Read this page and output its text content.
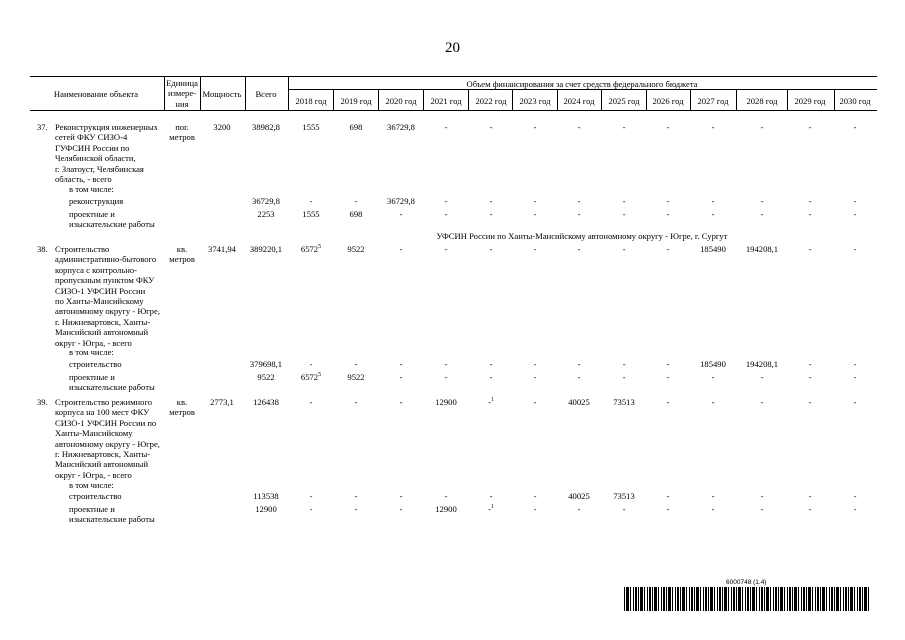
20
Наименование объекта
Единица
измере-
ния
Мощность	Всего
Объем финансирования за счет средств федерального бюджета
2018 год	2019 год	2020 год	2021 год	2022 год	2023 год	2024 год	2025 год	2026 год	2027 год	2028 год	2029 год	2030 год
37. Реконструкция инженерных
сетей ФКУ СИЗО-4
ГУФСИН России по
Челябинской области,
г. Златоуст, Челябинская
область, - всего
пог.
метров
3200	38982,8	1555	698	36729,8	-	-	-	-	-	-	-	-	-	-
в том числе:
реконструкция	36729,8	-	-	36729,8	-	-	-	-	-	-	-	-	-	-
проектные и
изыскательские работы
2253	1555	698	-	-	-	-	-	-	-	-	-	-	-
УФСИН России по Ханты-Мансийскому автономному округу - Югре, г. Сургут
38. Строительство
административно-бытового
корпуса с контрольно-
пропускным пунктом ФКУ
СИЗО-1 УФСИН России
по Ханты-Мансийскому
автономному округу - Югре,
г. Нижневартовск, Ханты-
Мансийский автономный
округ - Югра, - всего
кв.
метров
3741,94	389220,1	6572$^5$	9522	-	-	-	-	-	-	-	185490	194208,1	-	-
в том числе:
строительство	379698,1	-	-	-	-	-	-	-	-	-	185490	194208,1	-	-
проектные и
изыскательские работы
9522	6572$^5$	9522	-	-	-	-	-	-	-	-	-	-	-
39. Строительство режимного
корпуса на 100 мест ФКУ
СИЗО-1 УФСИН России по
Ханты-Мансийскому
автономному округу - Югре,
г. Нижневартовск, Ханты-
Мансийский автономный
округ - Югра, - всего
кв.
метров
2773,1	126438	-	-	-	12900	-$^1$	-	40025	73513	-	-	-	-	-
в том числе:
строительство	113538	-	-	-	-	-	-	40025	73513	-	-	-	-	-
проектные и
изыскательские работы
12900	-	-	-	12900	-$^1$	-	-	-	-	-	-	-	-
6000748 (1.4)
